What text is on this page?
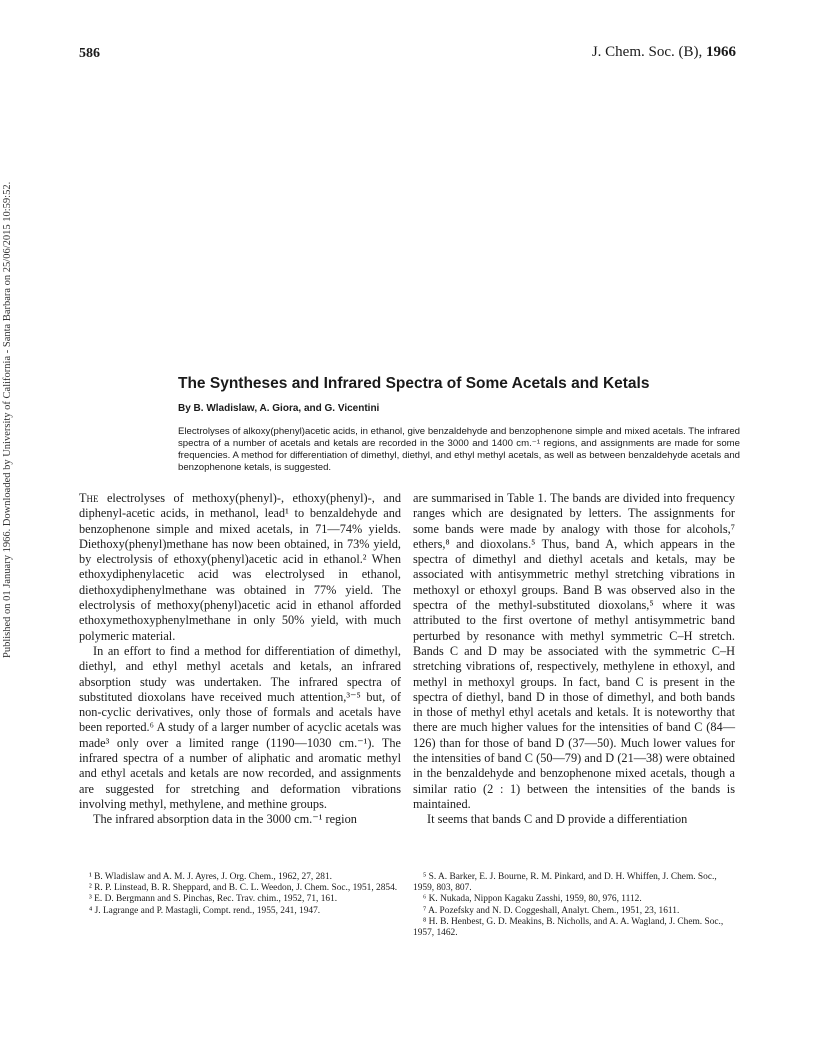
586	J. Chem. Soc. (B), 1966
Published on 01 January 1966. Downloaded by University of California - Santa Barbara on 25/06/2015 10:59:52.	The Syntheses and Infrared Spectra of Some Acetals and Ketals
By B. Wladislaw, A. Giora, and G. Vicentini
Electrolyses of alkoxy(phenyl)acetic acids, in ethanol, give benzaldehyde and benzophenone simple and mixed acetals. The infrared spectra of a number of acetals and ketals are recorded in the 3000 and 1400 cm.⁻¹ regions, and assignments are made for some frequencies. A method for differentiation of dimethyl, diethyl, and ethyl methyl acetals, as well as between benzaldehyde acetals and benzophenone ketals, is suggested.

The electrolyses of methoxy(phenyl)-, ethoxy(phenyl)-, and diphenyl-acetic acids, in methanol, lead¹ to benzaldehyde and benzophenone simple and mixed acetals, in 71—74% yields. Diethoxy(phenyl)methane has now been obtained, in 73% yield, by electrolysis of ethoxy(phenyl)acetic acid in ethanol.² When ethoxydiphenylacetic acid was electrolysed in ethanol, diethoxydiphenylmethane was obtained in 77% yield. The electrolysis of methoxy(phenyl)acetic acid in ethanol afforded ethoxymethoxyphenylmethane in only 50% yield, with much polymeric material.

In an effort to find a method for differentiation of dimethyl, diethyl, and ethyl methyl acetals and ketals, an infrared absorption study was undertaken. The infrared spectra of substituted dioxolans have received much attention,³⁻⁵ but, of non-cyclic derivatives, only those of formals and acetals have been reported.⁶ A study of a larger number of acyclic acetals was made³ only over a limited range (1190—1030 cm.⁻¹). The infrared spectra of a number of aliphatic and aromatic methyl and ethyl acetals and ketals are now recorded, and assignments are suggested for stretching and deformation vibrations involving methyl, methylene, and methine groups.

The infrared absorption data in the 3000 cm.⁻¹ region

are summarised in Table 1. The bands are divided into frequency ranges which are designated by letters. The assignments for some bands were made by analogy with those for alcohols,⁷ ethers,⁸ and dioxolans.⁵ Thus, band A, which appears in the spectra of dimethyl and diethyl acetals and ketals, may be associated with antisymmetric methyl stretching vibrations in methoxyl or ethoxyl groups. Band B was observed also in the spectra of the methyl-substituted dioxolans,⁵ where it was attributed to the first overtone of methyl antisymmetric band perturbed by resonance with methyl symmetric C–H stretch. Bands C and D may be associated with the symmetric C–H stretching vibrations of, respectively, methylene in ethoxyl, and methyl in methoxyl groups. In fact, band C is present in the spectra of diethyl, band D in those of dimethyl, and both bands in those of methyl ethyl acetals and ketals. It is noteworthy that there are much higher values for the intensities of band C (84—126) than for those of band D (37—50). Much lower values for the intensities of band C (50—79) and D (21—38) were obtained in the benzaldehyde and benzophenone mixed acetals, though a similar ratio (2 : 1) between the intensities of the bands is maintained.

It seems that bands C and D provide a differentiation

¹ B. Wladislaw and A. M. J. Ayres, J. Org. Chem., 1962, 27, 281.
² R. P. Linstead, B. R. Sheppard, and B. C. L. Weedon, J. Chem. Soc., 1951, 2854.
³ E. D. Bergmann and S. Pinchas, Rec. Trav. chim., 1952, 71, 161.
⁴ J. Lagrange and P. Mastagli, Compt. rend., 1955, 241, 1947.
⁵ S. A. Barker, E. J. Bourne, R. M. Pinkard, and D. H. Whiffen, J. Chem. Soc., 1959, 803, 807.
⁶ K. Nukada, Nippon Kagaku Zasshi, 1959, 80, 976, 1112.
⁷ A. Pozefsky and N. D. Coggeshall, Analyt. Chem., 1951, 23, 1611.
⁸ H. B. Henbest, G. D. Meakins, B. Nicholls, and A. A. Wagland, J. Chem. Soc., 1957, 1462.
